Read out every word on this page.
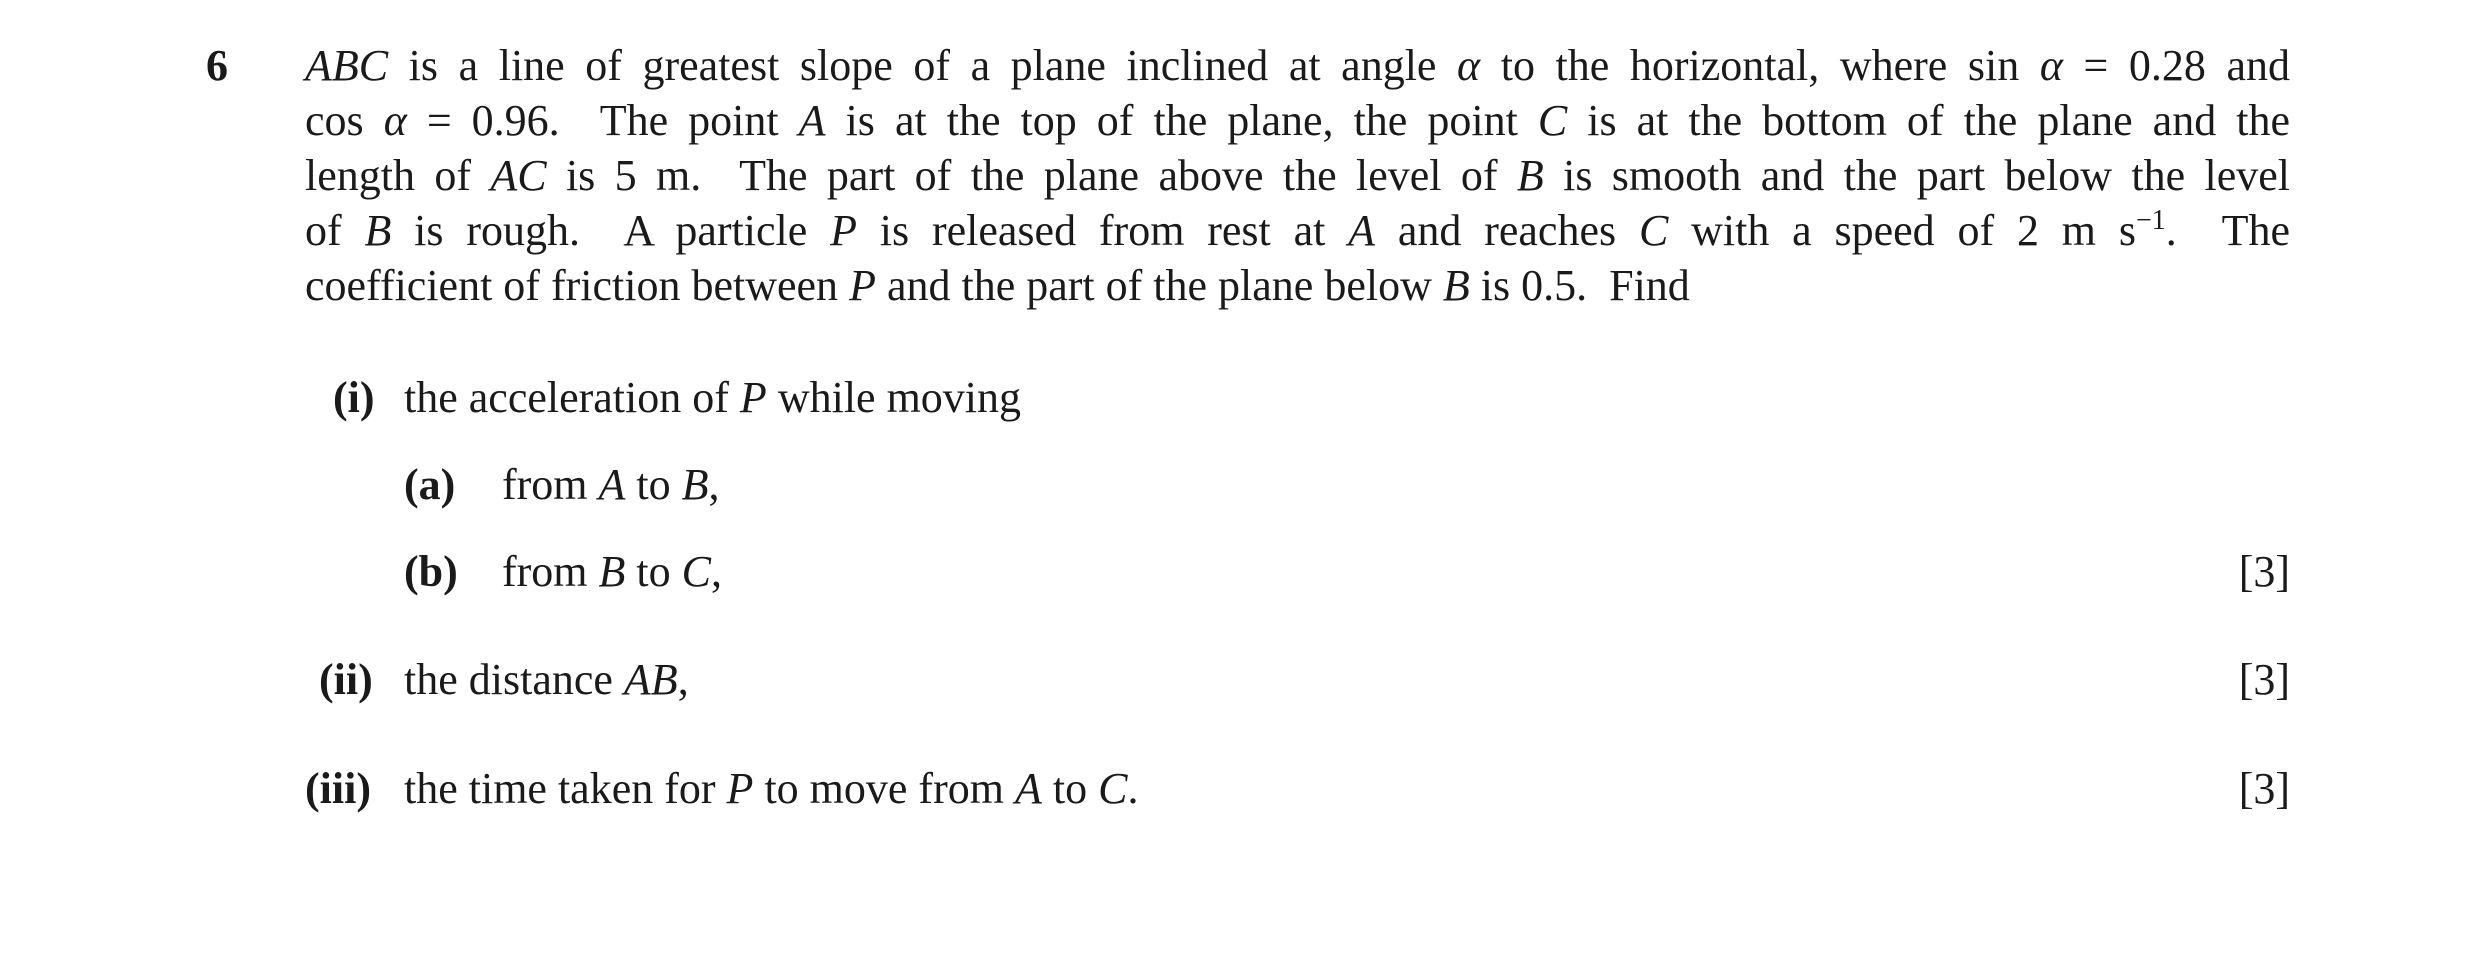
6 ABC is a line of greatest slope of a plane inclined at angle α to the horizontal, where sin α = 0.28 and
cos α = 0.96.  The point A is at the top of the plane, the point C is at the bottom of the plane and the
length of AC is 5 m.  The part of the plane above the level of B is smooth and the part below the level
of B is rough.  A particle P is released from rest at A and reaches C with a speed of 2 m $s^{-1}$.  The
coefficient of friction between P and the part of the plane below B is 0.5.  Find
(i) the acceleration of P while moving
(a) from A to B,
(b) from B to C,	[3]
(ii) the distance AB,	[3]
(iii) the time taken for P to move from A to C.	[3]
